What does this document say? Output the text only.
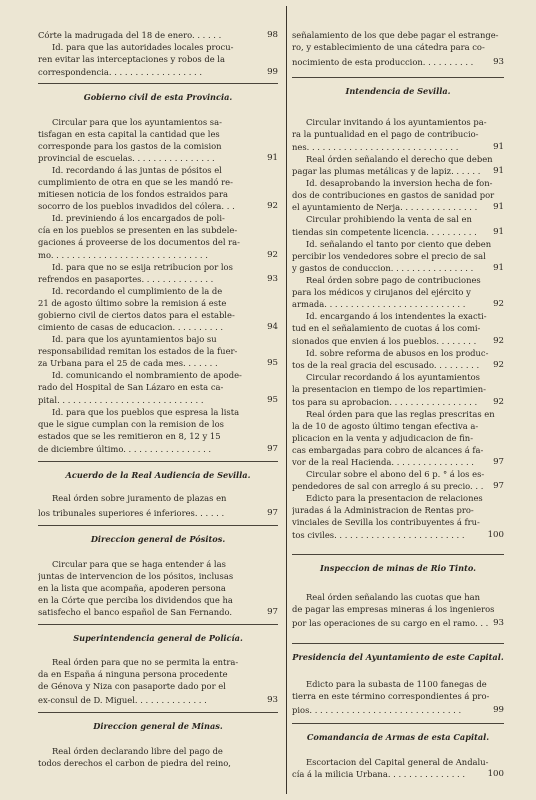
Córte la madrugada del 18 de enero. . . . . .	98
Id. para que las autoridades locales procu-
ren evitar las interceptaciones y robos de la
correspondencia. . . . . . . . . . . . . . . . . .	99
Gobierno civil de esta Provincia.
Circular para que los ayuntamientos sa-
tisfagan en esta capital la cantidad que les
corresponde para los gastos de la comision
provincial de escuelas. . . . . . . . . . . . . . . .	91
Id. recordando á las juntas de pósitos el
cumplimiento de otra en que se les mandó re-
mitiesen noticia de los fondos estraidos para
socorro de los pueblos invadidos del cólera. . .	92
Id. previniendo á los encargados de poli-
cía en los pueblos se presenten en las subdele-
gaciones á proveerse de los documentos del ra-
mo. . . . . . . . . . . . . . . . . . . . . . . . . . . . . .	92
Id. para que no se esija retribucion por los
refrendos en pasaportes. . . . . . . . . . . . . .	93
Id. recordando el cumplimiento de la de
21 de agosto último sobre la remision á este
gobierno civil de ciertos datos para el estable-
cimiento de casas de educacion. . . . . . . . . .	94
Id. para que los ayuntamientos bajo su
responsabilidad remitan los estados de la fuer-
za Urbana para el 25 de cada mes. . . . . . .	95
Id. comunicando el nombramiento de apode-
rado del Hospital de San Lázaro en esta ca-
pital. . . . . . . . . . . . . . . . . . . . . . . . . . . .	95
Id. para que los pueblos que espresa la lista
que le sigue cumplan con la remision de los
estados que se les remitieron en 8, 12 y 15
de diciembre último. . . . . . . . . . . . . . . . .	97
Acuerdo de la Real Audiencia de Sevilla.
Real órden sobre juramento de plazas en
los tribunales superiores é inferiores. . . . . .	97
Direccion general de Pósitos.
Circular para que se haga entender á las
juntas de intervencion de los pósitos, inclusas
en la lista que acompaña, apoderen persona
en la Córte que perciba los dividendos que ha
satisfecho el banco español de San Fernando.	97
Superintendencia general de Policía.
Real órden para que no se permita la entra-
da en España á ninguna persona procedente
de Génova y Niza con pasaporte dado por el
ex-consul de D. Miguel. . . . . . . . . . . . . .	93
Direccion general de Minas.
Real órden declarando libre del pago de
todos derechos el carbon de piedra del reino,
señalamiento de los que debe pagar el estrange-
ro, y establecimiento de una cátedra para co-
nocimiento de esta produccion. . . . . . . . . . 93
Intendencia de Sevilla.
Circular invitando á los ayuntamientos pa-
ra la puntualidad en el pago de contribucio-
nes. . . . . . . . . . . . . . . . . . . . . . . . . . . . .	91
Real órden señalando el derecho que deben
pagar las plumas metálicas y de lapiz. . . . . . 91
Id. desaprobando la inversion hecha de fon-
dos de contribuciones en gastos de sanidad por
el ayuntamiento de Nerja. . . . . . . . . . . . . . . 91
Circular prohibiendo la venta de sal en
tiendas sin competente licencia. . . . . . . . . . 91
Id. señalando el tanto por ciento que deben
percibir los vendedores sobre el precio de sal
y gastos de conduccion. . . . . . . . . . . . . . . . 91
Real órden sobre pago de contribuciones
para los médicos y cirujanos del ejército y
armada. . . . . . . . . . . . . . . . . . . . . . . . . . .	92
Id. encargando á los intendentes la exacti-
tud en el señalamiento de cuotas á los comi-
sionados que envien á los pueblos. . . . . . . . 92
Id. sobre reforma de abusos en los produc-
tos de la real gracia del escusado. . . . . . . . . 92
Circular recordando á los ayuntamientos
la presentacion en tiempo de los repartimien-
tos para su aprobacion. . . . . . . . . . . . . . . . . 92
Real órden para que las reglas prescritas en
la de 10 de agosto último tengan efectiva a-
plicacion en la venta y adjudicacion de fin-
cas embargadas para cobro de alcances á fa-
vor de la real Hacienda. . . . . . . . . . . . . . . . 97
Circular sobre el abono del 6 p. ° á los es-
pendedores de sal con arreglo á su precio. . . 97
Edicto para la presentacion de relaciones
juradas á la Administracion de Rentas pro-
vinciales de Sevilla los contribuyentes á fru-
tos civiles. . . . . . . . . . . . . . . . . . . . . . . . .	100
Inspeccion de minas de Rio Tinto.
Real órden señalando las cuotas que han
de pagar las empresas mineras á los ingenieros
por las operaciones de su cargo en el ramo. . . 93
Presidencia del Ayuntamiento de este Capital.
Edicto para la subasta de 1100 fanegas de
tierra en este término correspondientes á pro-
pios. . . . . . . . . . . . . . . . . . . . . . . . . . . . .	99
Comandancia de Armas de esta Capital.
Escortacion del Capital general de Andalu-
cía á la milicia Urbana. . . . . . . . . . . . . . .	100
